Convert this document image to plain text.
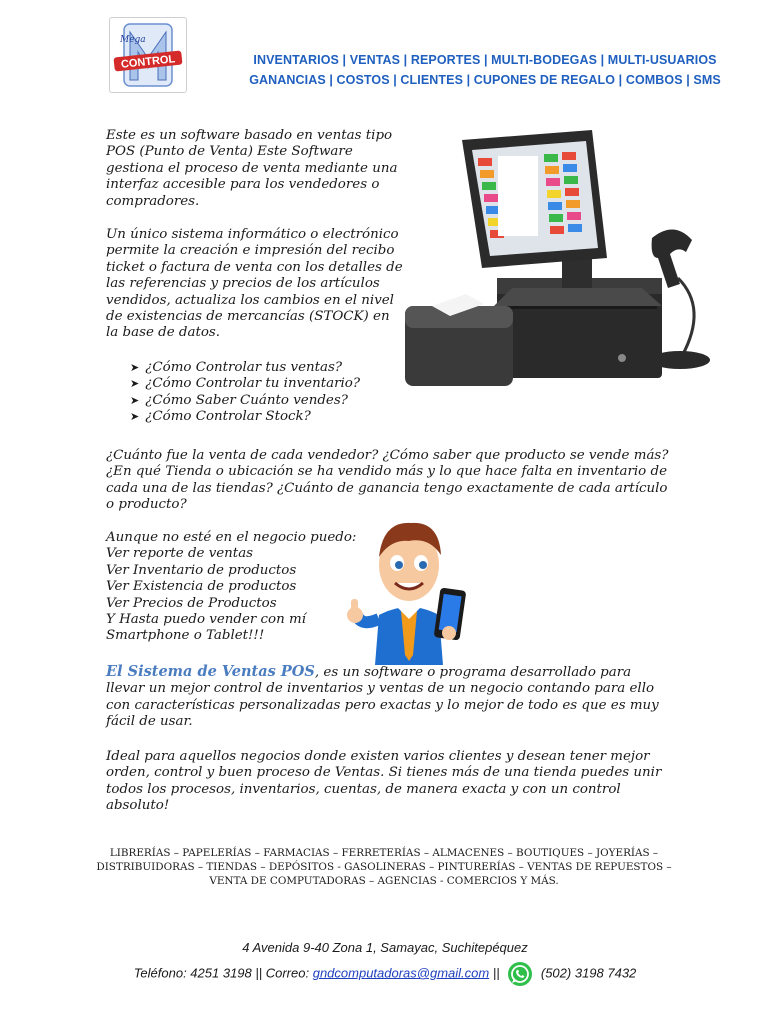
Mega
CONTROL	INVENTARIOS | VENTAS | REPORTES | MULTI-BODEGAS | MULTI-USUARIOS
GANANCIAS | COSTOS | CLIENTES | CUPONES DE REGALO | COMBOS | SMS

Este es un software basado en ventas tipo POS (Punto de Venta) Este Software gestiona el proceso de venta mediante una interfaz accesible para los vendedores o compradores.

Un único sistema informático o electrónico permite la creación e impresión del recibo ticket o factura de venta con los detalles de las referencias y precios de los artículos vendidos, actualiza los cambios en el nivel de existencias de mercancías (STOCK) en la base de datos.

➤ ¿Cómo Controlar tus ventas?
➤ ¿Cómo Controlar tu inventario?
➤ ¿Cómo Saber Cuánto vendes?
➤ ¿Cómo Controlar Stock?

¿Cuánto fue la venta de cada vendedor? ¿Cómo saber que producto se vende más? ¿En qué Tienda o ubicación se ha vendido más y lo que hace falta en inventario de cada una de las tiendas? ¿Cuánto de ganancia tengo exactamente de cada artículo o producto?

Aunque no esté en el negocio puedo:
Ver reporte de ventas
Ver Inventario de productos
Ver Existencia de productos
Ver Precios de Productos
Y Hasta puedo vender con mí
Smartphone o Tablet!!!

El Sistema de Ventas POS, es un software o programa desarrollado para llevar un mejor control de inventarios y ventas de un negocio contando para ello con características personalizadas pero exactas y lo mejor de todo es que es muy fácil de usar.

Ideal para aquellos negocios donde existen varios clientes y desean tener mejor orden, control y buen proceso de Ventas. Si tienes más de una tienda puedes unir todos los procesos, inventarios, cuentas, de manera exacta y con un control absoluto!

LIBRERÍAS – PAPELERÍAS – FARMACIAS – FERRETERÍAS – ALMACENES – BOUTIQUES – JOYERÍAS – DISTRIBUIDORAS – TIENDAS – DEPÓSITOS - GASOLINERAS – PINTURERÍAS – VENTAS DE REPUESTOS – VENTA DE COMPUTADORAS – AGENCIAS - COMERCIOS Y MÁS.
4 Avenida 9-40 Zona 1, Samayac, Suchitepéquez
Teléfono: 4251 3198 || Correo: gndcomputadoras@gmail.com ||	(502) 3198 7432
